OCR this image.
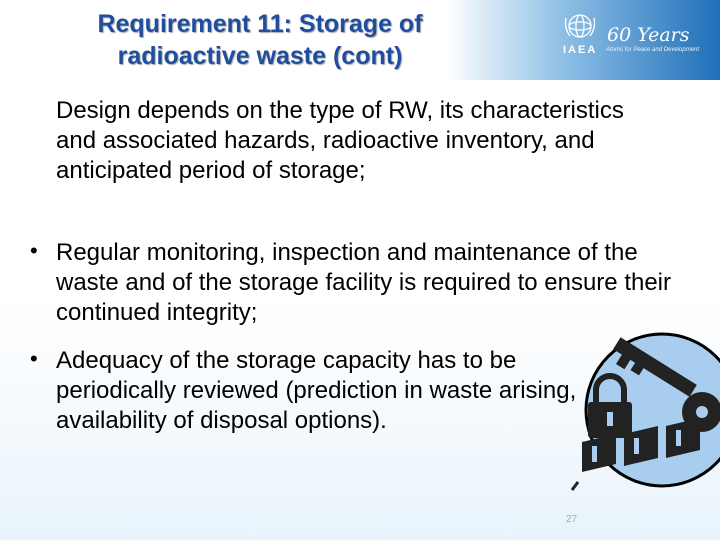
Requirement 11: Storage of
radioactive waste (cont)	IAEA
60 Years
Atoms for Peace and Development
Design depends on the type of RW, its characteristics and associated hazards, radioactive inventory, and anticipated period of storage;
• Regular monitoring, inspection and maintenance of the waste and of the storage facility is required to ensure their continued integrity;
• Adequacy of the storage capacity has to be periodically reviewed (prediction in waste arising, availability of disposal options).
27
